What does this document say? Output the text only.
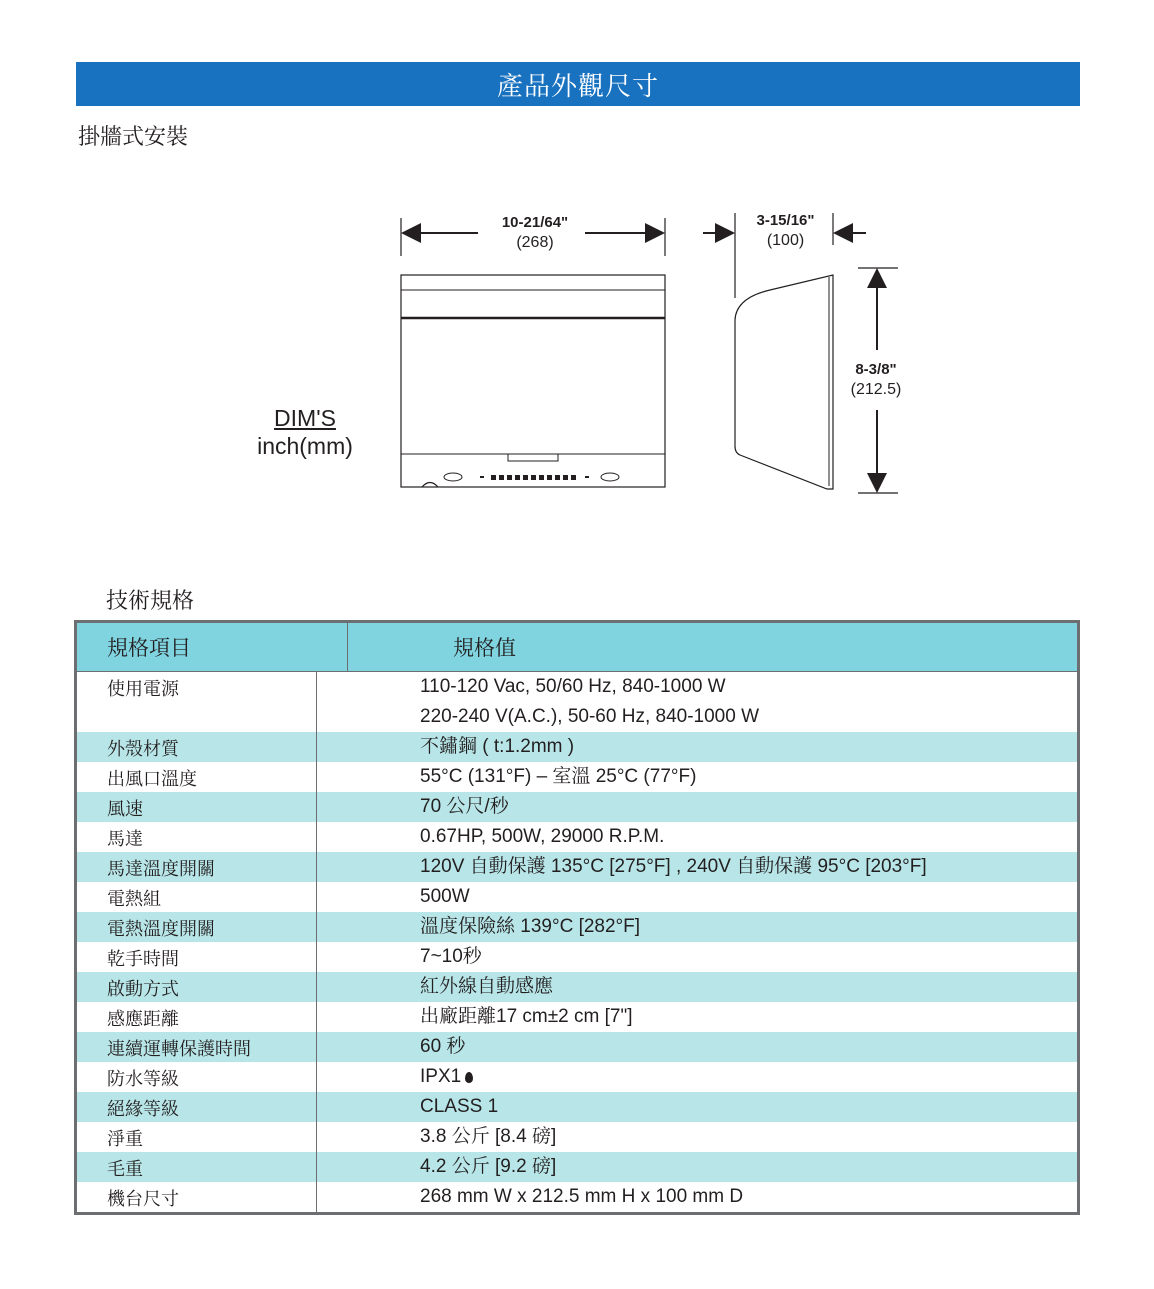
產品外觀尺寸
掛牆式安裝
10-21/64"
(268)
3-15/16"
(100)
8-3/8"
(212.5)
DIM'S
inch(mm)
技術規格
規格項目	規格值
使用電源	110-120 Vac, 50/60 Hz, 840-1000 W
220-240 V(A.C.), 50-60 Hz, 840-1000 W
外殼材質	不鏽鋼 ( t:1.2mm )
出風口溫度	55°C (131°F) – 室溫 25°C (77°F)
風速	70 公尺/秒
馬達	0.67HP, 500W, 29000 R.P.M.
馬達溫度開關	120V 自動保護 135°C [275°F] , 240V 自動保護 95°C [203°F]
電熱組	500W
電熱溫度開關	溫度保險絲 139°C [282°F]
乾手時間	7~10秒
啟動方式	紅外線自動感應
感應距離	出廠距離17 cm±2 cm [7"]
連續運轉保護時間	60 秒
防水等級	IPX1
絕緣等級	CLASS 1
淨重	3.8 公斤 [8.4 磅]
毛重	4.2 公斤 [9.2 磅]
機台尺寸	268 mm W x 212.5 mm H x 100 mm D
